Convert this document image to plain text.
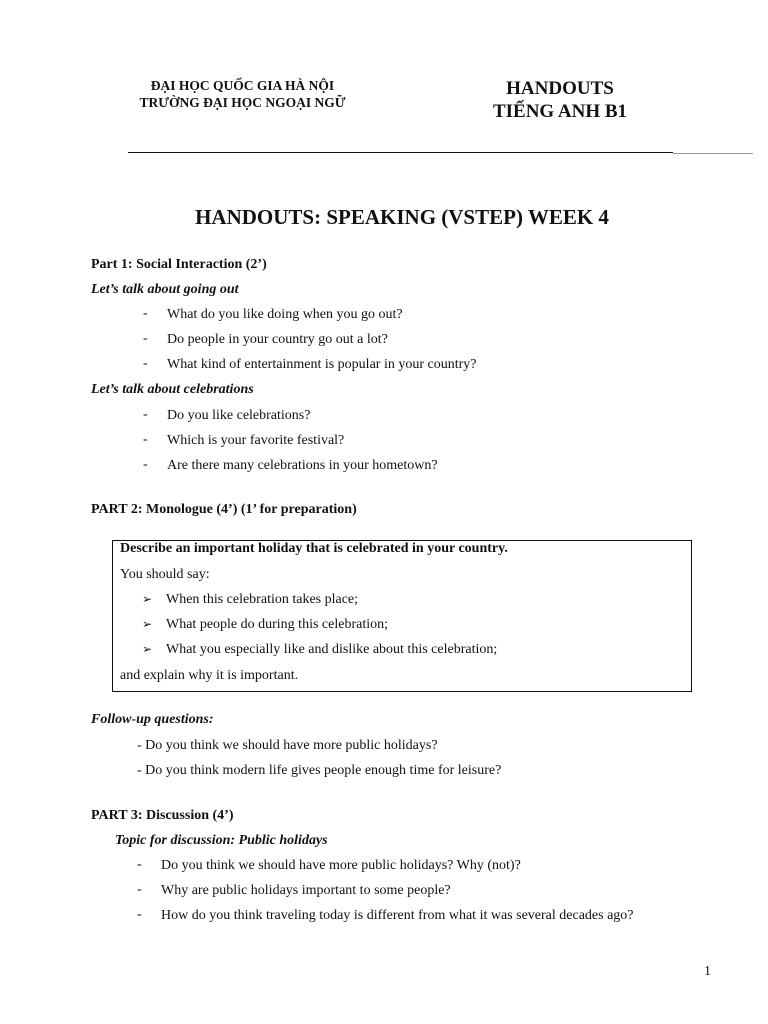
ĐẠI HỌC QUỐC GIA HÀ NỘI
TRƯỜNG ĐẠI HỌC NGOẠI NGỮ
HANDOUTS
TIẾNG ANH B1
HANDOUTS: SPEAKING (VSTEP) WEEK 4
Part 1: Social Interaction (2’)
Let’s talk about going out
- What do you like doing when you go out?
- Do people in your country go out a lot?
- What kind of entertainment is popular in your country?
Let’s talk about celebrations
- Do you like celebrations?
- Which is your favorite festival?
- Are there many celebrations in your hometown?
PART 2: Monologue (4’) (1’ for preparation)
Describe an important holiday that is celebrated in your country.
You should say:
➢ When this celebration takes place;
➢ What people do during this celebration;
➢ What you especially like and dislike about this celebration;
and explain why it is important.
Follow-up questions:
- Do you think we should have more public holidays?
- Do you think modern life gives people enough time for leisure?
PART 3: Discussion (4’)
Topic for discussion: Public holidays
- Do you think we should have more public holidays? Why (not)?
- Why are public holidays important to some people?
- How do you think traveling today is different from what it was several decades ago?
1
